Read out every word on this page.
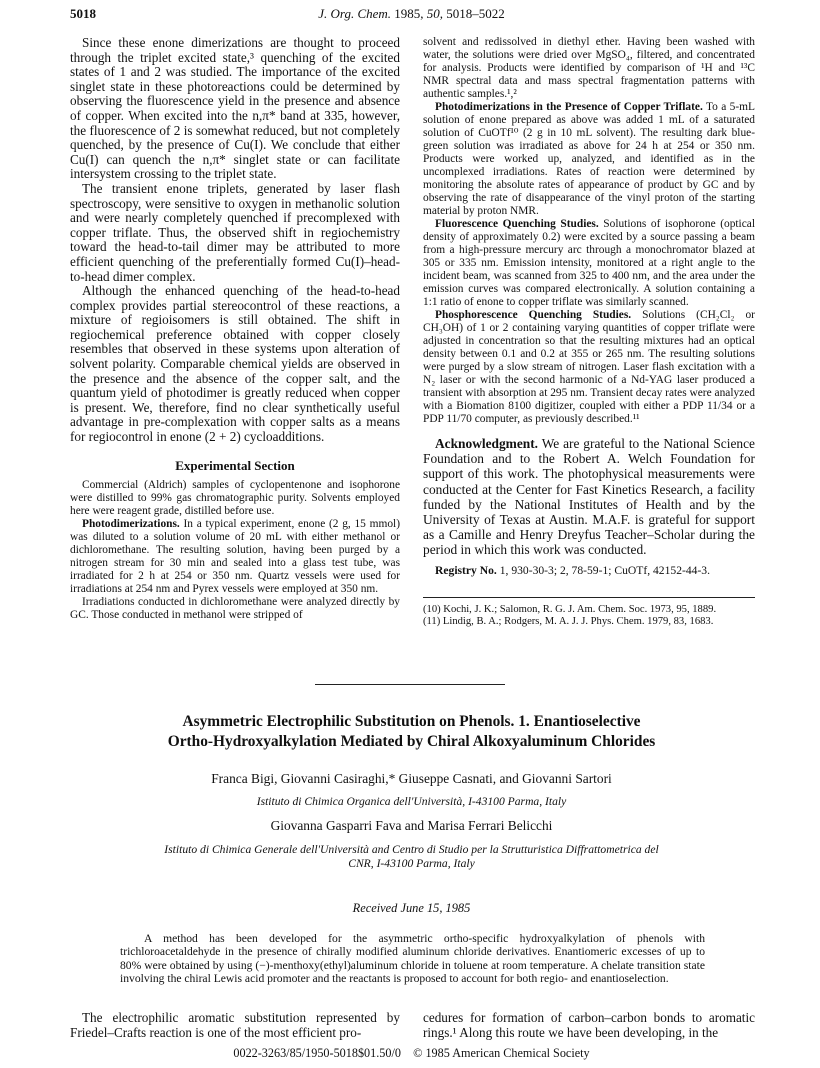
5018	J. Org. Chem. 1985, 50, 5018–5022

Since these enone dimerizations are thought to proceed through the triplet excited state,³ quenching of the excited states of 1 and 2 was studied. The importance of the excited singlet state in these photoreactions could be determined by observing the fluorescence yield in the presence and absence of copper. When excited into the n,π* band at 335, however, the fluorescence of 2 is somewhat reduced, but not completely quenched, by the presence of Cu(I). We conclude that either Cu(I) can quench the n,π* singlet state or can facilitate intersystem crossing to the triplet state.

The transient enone triplets, generated by laser flash spectroscopy, were sensitive to oxygen in methanolic solution and were nearly completely quenched if precomplexed with copper triflate. Thus, the observed shift in regiochemistry toward the head-to-tail dimer may be attributed to more efficient quenching of the preferentially formed Cu(I)–head-to-head dimer complex.

Although the enhanced quenching of the head-to-head complex provides partial stereocontrol of these reactions, a mixture of regioisomers is still obtained. The shift in regiochemical preference obtained with copper closely resembles that observed in these systems upon alteration of solvent polarity. Comparable chemical yields are observed in the presence and the absence of the copper salt, and the quantum yield of photodimer is greatly reduced when copper is present. We, therefore, find no clear synthetically useful advantage in pre-complexation with copper salts as a means for regiocontrol in enone (2 + 2) cycloadditions.

Experimental Section

Commercial (Aldrich) samples of cyclopentenone and isophorone were distilled to 99% gas chromatographic purity. Solvents employed here were reagent grade, distilled before use.

Photodimerizations. In a typical experiment, enone (2 g, 15 mmol) was diluted to a solution volume of 20 mL with either methanol or dichloromethane. The resulting solution, having been purged by a nitrogen stream for 30 min and sealed into a glass test tube, was irradiated for 2 h at 254 or 350 nm. Quartz vessels were used for irradiations at 254 nm and Pyrex vessels were employed at 350 nm.

Irradiations conducted in dichloromethane were analyzed directly by GC. Those conducted in methanol were stripped of

solvent and redissolved in diethyl ether. Having been washed with water, the solutions were dried over MgSO₄, filtered, and concentrated for analysis. Products were identified by comparison of ¹H and ¹³C NMR spectral data and mass spectral fragmentation patterns with authentic samples.¹,²

Photodimerizations in the Presence of Copper Triflate. To a 5-mL solution of enone prepared as above was added 1 mL of a saturated solution of CuOTf¹⁰ (2 g in 10 mL solvent). The resulting dark blue-green solution was irradiated as above for 24 h at 254 or 350 nm. Products were worked up, analyzed, and identified as in the uncomplexed irradiations. Rates of reaction were determined by monitoring the absolute rates of appearance of product by GC and by observing the rate of disappearance of the vinyl proton of the starting material by proton NMR.

Fluorescence Quenching Studies. Solutions of isophorone (optical density of approximately 0.2) were excited by a source passing a beam from a high-pressure mercury arc through a monochromator blazed at 305 or 335 nm. Emission intensity, monitored at a right angle to the incident beam, was scanned from 325 to 400 nm, and the area under the emission curves was compared electronically. A solution containing a 1:1 ratio of enone to copper triflate was similarly scanned.

Phosphorescence Quenching Studies. Solutions (CH₂Cl₂ or CH₃OH) of 1 or 2 containing varying quantities of copper triflate were adjusted in concentration so that the resulting mixtures had an optical density between 0.1 and 0.2 at 355 or 265 nm. The resulting solutions were purged by a slow stream of nitrogen. Laser flash excitation with a N₂ laser or with the second harmonic of a Nd-YAG laser produced a transient with absorption at 295 nm. Transient decay rates were analyzed with a Biomation 8100 digitizer, coupled with either a PDP 11/34 or a PDP 11/70 computer, as previously described.¹¹

Acknowledgment. We are grateful to the National Science Foundation and to the Robert A. Welch Foundation for support of this work. The photophysical measurements were conducted at the Center for Fast Kinetics Research, a facility funded by the National Institutes of Health and by the University of Texas at Austin. M.A.F. is grateful for support as a Camille and Henry Dreyfus Teacher–Scholar during the period in which this work was conducted.

Registry No. 1, 930-30-3; 2, 78-59-1; CuOTf, 42152-44-3.

(10) Kochi, J. K.; Salomon, R. G. J. Am. Chem. Soc. 1973, 95, 1889.
(11) Lindig, B. A.; Rodgers, M. A. J. J. Phys. Chem. 1979, 83, 1683.
Asymmetric Electrophilic Substitution on Phenols. 1. Enantioselective
Ortho-Hydroxyalkylation Mediated by Chiral Alkoxyaluminum Chlorides
Franca Bigi, Giovanni Casiraghi,* Giuseppe Casnati, and Giovanni Sartori
Istituto di Chimica Organica dell'Università, I-43100 Parma, Italy
Giovanna Gasparri Fava and Marisa Ferrari Belicchi
Istituto di Chimica Generale dell'Università and Centro di Studio per la Strutturistica Diffrattometrica del
CNR, I-43100 Parma, Italy
Received June 15, 1985
A method has been developed for the asymmetric ortho-specific hydroxyalkylation of phenols with trichloroacetaldehyde in the presence of chirally modified aluminum chloride derivatives. Enantiomeric excesses of up to 80% were obtained by using (−)-menthoxy(ethyl)aluminum chloride in toluene at room temperature. A chelate transition state involving the chiral Lewis acid promoter and the reactants is proposed to account for both regio- and enantioselection.
The electrophilic aromatic substitution represented by Friedel–Crafts reaction is one of the most efficient pro-
cedures for formation of carbon–carbon bonds to aromatic rings.¹ Along this route we have been developing, in the
0022-3263/85/1950-5018$01.50/0 © 1985 American Chemical Society
